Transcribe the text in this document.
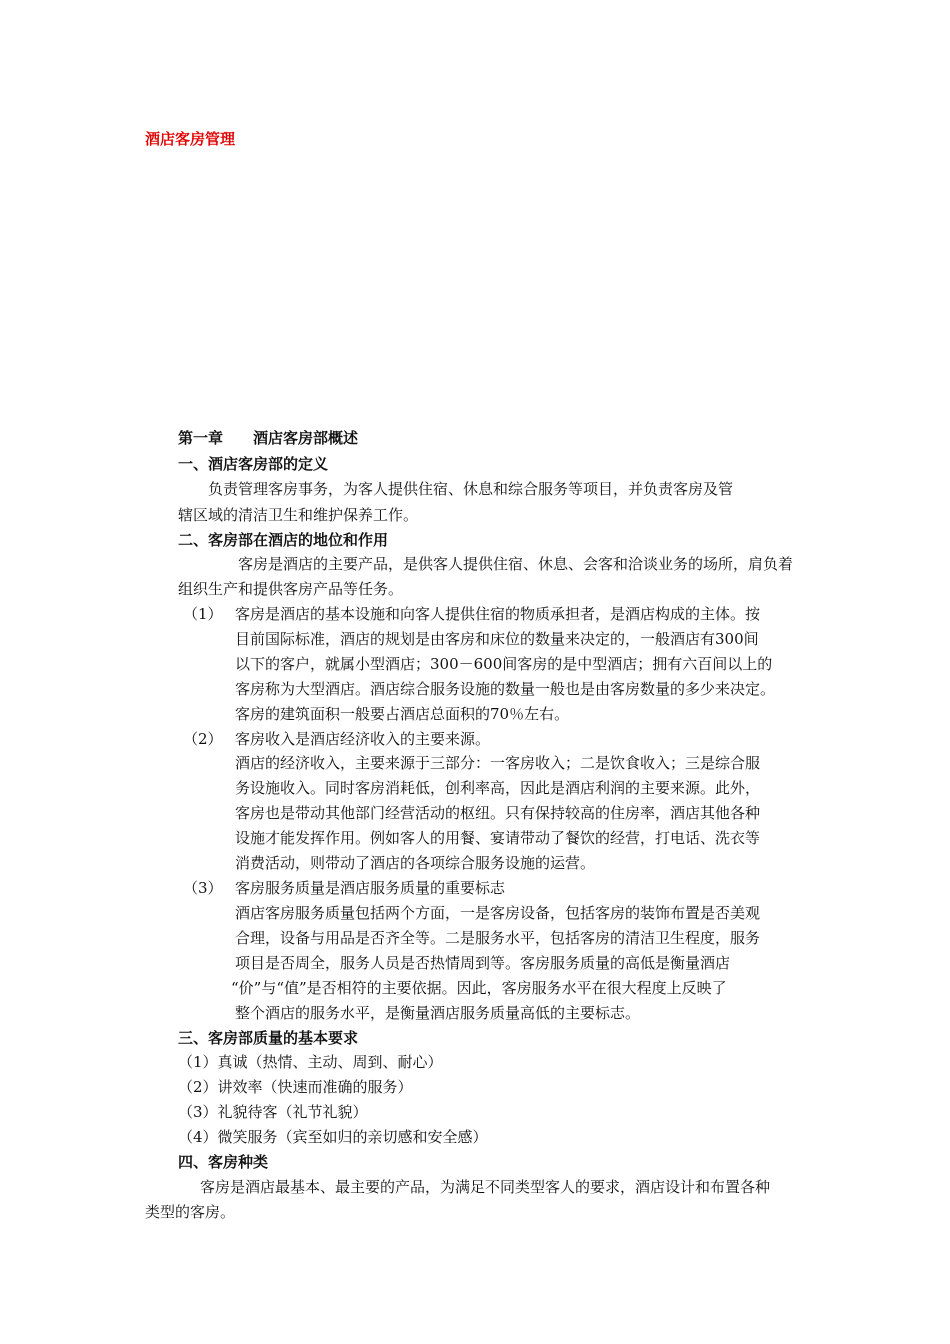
酒店客房管理
第一章 酒店客房部概述
一、酒店客房部的定义
负责管理客房事务，为客人提供住宿、休息和综合服务等项目，并负责客房及管
辖区域的清洁卫生和维护保养工作。
二、客房部在酒店的地位和作用
客房是酒店的主要产品，是供客人提供住宿、休息、会客和洽谈业务的场所，肩负着
组织生产和提供客房产品等任务。
（1） 客房是酒店的基本设施和向客人提供住宿的物质承担者，是酒店构成的主体。按
目前国际标准，酒店的规划是由客房和床位的数量来决定的，一般酒店有300间
以下的客户，就属小型酒店；300－600间客房的是中型酒店；拥有六百间以上的
客房称为大型酒店。酒店综合服务设施的数量一般也是由客房数量的多少来决定。
客房的建筑面积一般要占酒店总面积的70％左右。
（2） 客房收入是酒店经济收入的主要来源。
酒店的经济收入，主要来源于三部分：一客房收入；二是饮食收入；三是综合服
务设施收入。同时客房消耗低，创利率高，因此是酒店利润的主要来源。此外，
客房也是带动其他部门经营活动的枢纽。只有保持较高的住房率，酒店其他各种
设施才能发挥作用。例如客人的用餐、宴请带动了餐饮的经营，打电话、洗衣等
消费活动，则带动了酒店的各项综合服务设施的运营。
（3） 客房服务质量是酒店服务质量的重要标志
酒店客房服务质量包括两个方面，一是客房设备，包括客房的装饰布置是否美观
合理，设备与用品是否齐全等。二是服务水平，包括客房的清洁卫生程度，服务
项目是否周全，服务人员是否热情周到等。客房服务质量的高低是衡量酒店
“价”与“值”是否相符的主要依据。因此，客房服务水平在很大程度上反映了
整个酒店的服务水平，是衡量酒店服务质量高低的主要标志。
三、客房部质量的基本要求
（1）真诚（热情、主动、周到、耐心）
（2）讲效率（快速而准确的服务）
（3）礼貌待客（礼节礼貌）
（4）微笑服务（宾至如归的亲切感和安全感）
四、客房种类
客房是酒店最基本、最主要的产品，为满足不同类型客人的要求，酒店设计和布置各种
类型的客房。
